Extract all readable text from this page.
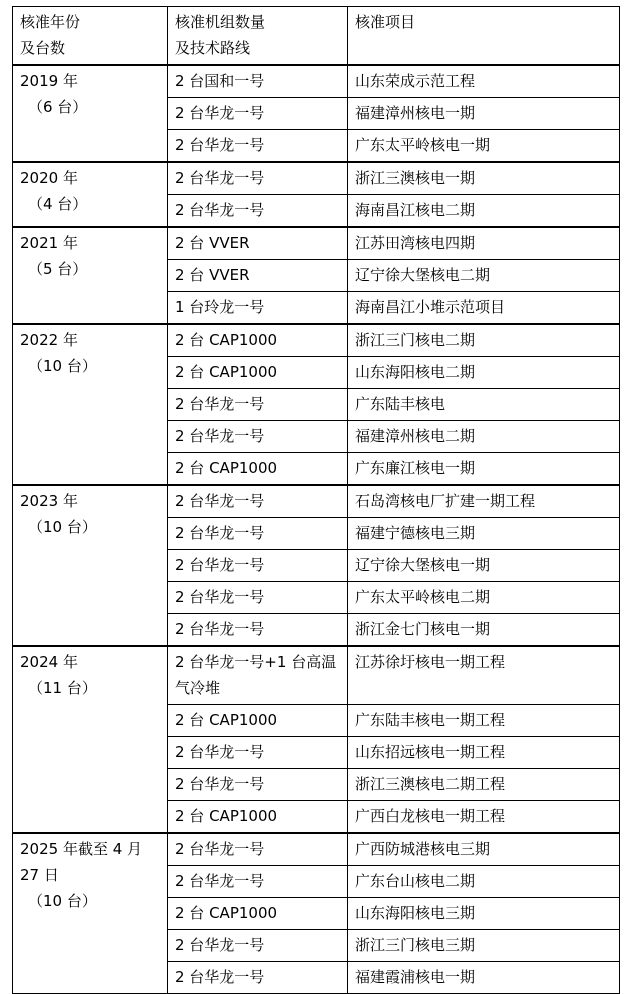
核准年份
及台数	核准机组数量
及技术路线	核准项目

2019 年
（6 台）	2 台国和一号	山东荣成示范工程
	2 台华龙一号	福建漳州核电一期
	2 台华龙一号	广东太平岭核电一期

2020 年
（4 台）	2 台华龙一号	浙江三澳核电一期
	2 台华龙一号	海南昌江核电二期

2021 年
（5 台）	2 台 VVER	江苏田湾核电四期
	2 台 VVER	辽宁徐大堡核电二期
	1 台玲龙一号	海南昌江小堆示范项目

2022 年
（10 台）	2 台 CAP1000	浙江三门核电二期
	2 台 CAP1000	山东海阳核电二期
	2 台华龙一号	广东陆丰核电
	2 台华龙一号	福建漳州核电二期
	2 台 CAP1000	广东廉江核电一期

2023 年
（10 台）	2 台华龙一号	石岛湾核电厂扩建一期工程
	2 台华龙一号	福建宁德核电三期
	2 台华龙一号	辽宁徐大堡核电一期
	2 台华龙一号	广东太平岭核电二期
	2 台华龙一号	浙江金七门核电一期

2024 年
（11 台）	2 台华龙一号+1 台高温气冷堆	江苏徐圩核电一期工程
	2 台 CAP1000	广东陆丰核电一期工程
	2 台华龙一号	山东招远核电一期工程
	2 台华龙一号	浙江三澳核电二期工程
	2 台 CAP1000	广西白龙核电一期工程

2025 年截至 4 月
27 日
（10 台）	2 台华龙一号	广西防城港核电三期
	2 台华龙一号	广东台山核电二期
	2 台 CAP1000	山东海阳核电三期
	2 台华龙一号	浙江三门核电三期
	2 台华龙一号	福建霞浦核电一期
